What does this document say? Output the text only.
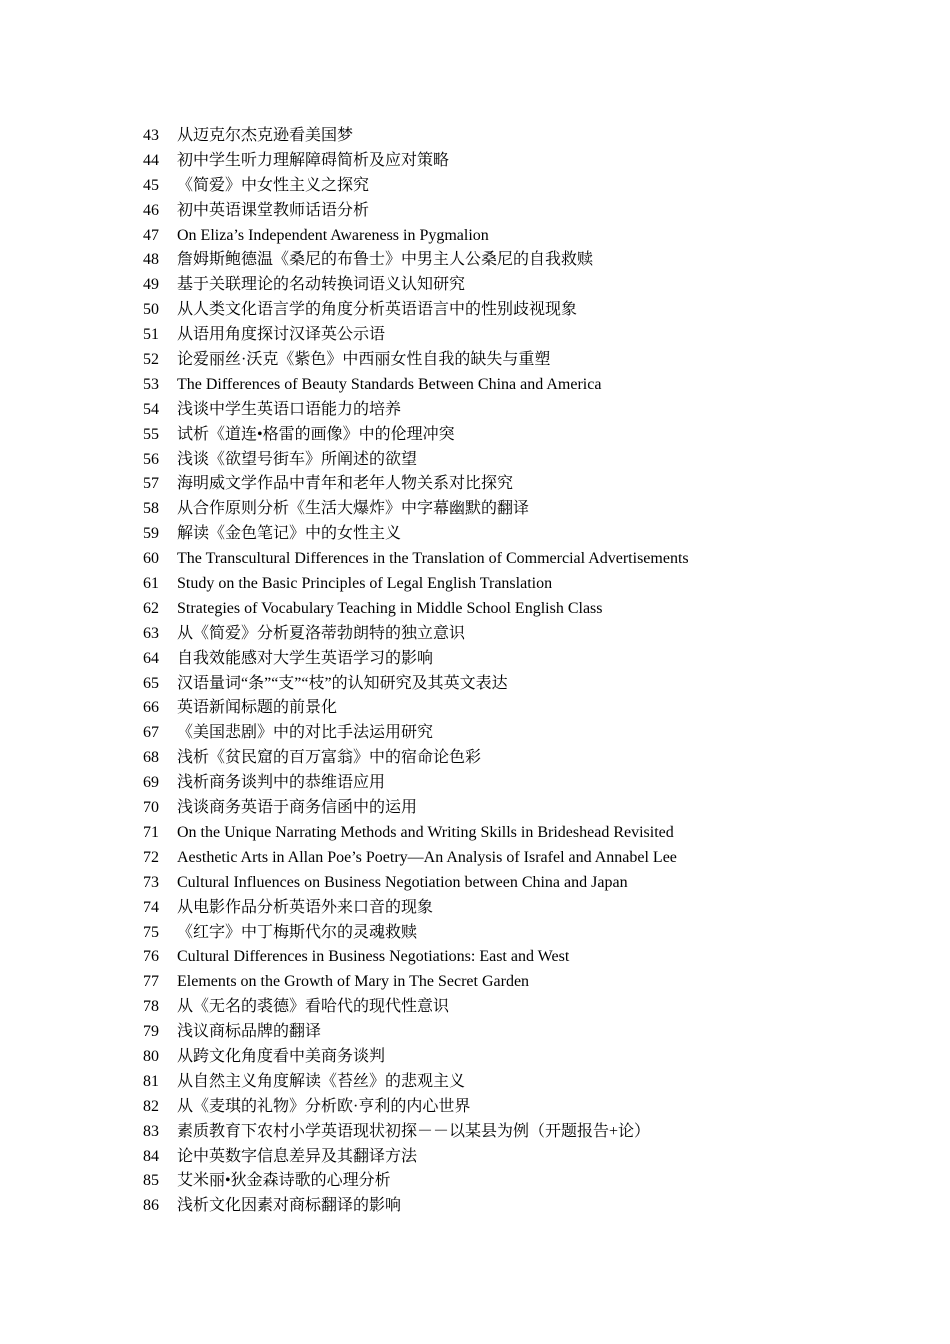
43	从迈克尔杰克逊看美国梦
44	初中学生听力理解障碍简析及应对策略
45	《简爱》中女性主义之探究
46	初中英语课堂教师话语分析
47	On Eliza’s Independent Awareness in Pygmalion
48	詹姆斯鲍德温《桑尼的布鲁士》中男主人公桑尼的自我救赎
49	基于关联理论的名动转换词语义认知研究
50	从人类文化语言学的角度分析英语语言中的性别歧视现象
51	从语用角度探讨汉译英公示语
52	论爱丽丝·沃克《紫色》中西丽女性自我的缺失与重塑
53	The Differences of Beauty Standards Between China and America
54	浅谈中学生英语口语能力的培养
55	试析《道连•格雷的画像》中的伦理冲突
56	浅谈《欲望号街车》所阐述的欲望
57	海明威文学作品中青年和老年人物关系对比探究
58	从合作原则分析《生活大爆炸》中字幕幽默的翻译
59	解读《金色笔记》中的女性主义
60	The Transcultural Differences in the Translation of Commercial Advertisements
61	Study on the Basic Principles of Legal English Translation
62	Strategies of Vocabulary Teaching in Middle School English Class
63	从《简爱》分析夏洛蒂勃朗特的独立意识
64	自我效能感对大学生英语学习的影响
65	汉语量词“条”“支”“枝”的认知研究及其英文表达
66	英语新闻标题的前景化
67	《美国悲剧》中的对比手法运用研究
68	浅析《贫民窟的百万富翁》中的宿命论色彩
69	浅析商务谈判中的恭维语应用
70	浅谈商务英语于商务信函中的运用
71	On the Unique Narrating Methods and Writing Skills in Brideshead Revisited
72	Aesthetic Arts in Allan Poe’s Poetry—An Analysis of Israfel and Annabel Lee
73	Cultural Influences on Business Negotiation between China and Japan
74	从电影作品分析英语外来口音的现象
75	《红字》中丁梅斯代尔的灵魂救赎
76	Cultural Differences in Business Negotiations: East and West
77	Elements on the Growth of Mary in The Secret Garden
78	从《无名的裘德》看哈代的现代性意识
79	浅议商标品牌的翻译
80	从跨文化角度看中美商务谈判
81	从自然主义角度解读《苔丝》的悲观主义
82	从《麦琪的礼物》分析欧·亨利的内心世界
83	素质教育下农村小学英语现状初探－－以某县为例（开题报告+论）
84	论中英数字信息差异及其翻译方法
85	艾米丽•狄金森诗歌的心理分析
86	浅析文化因素对商标翻译的影响
